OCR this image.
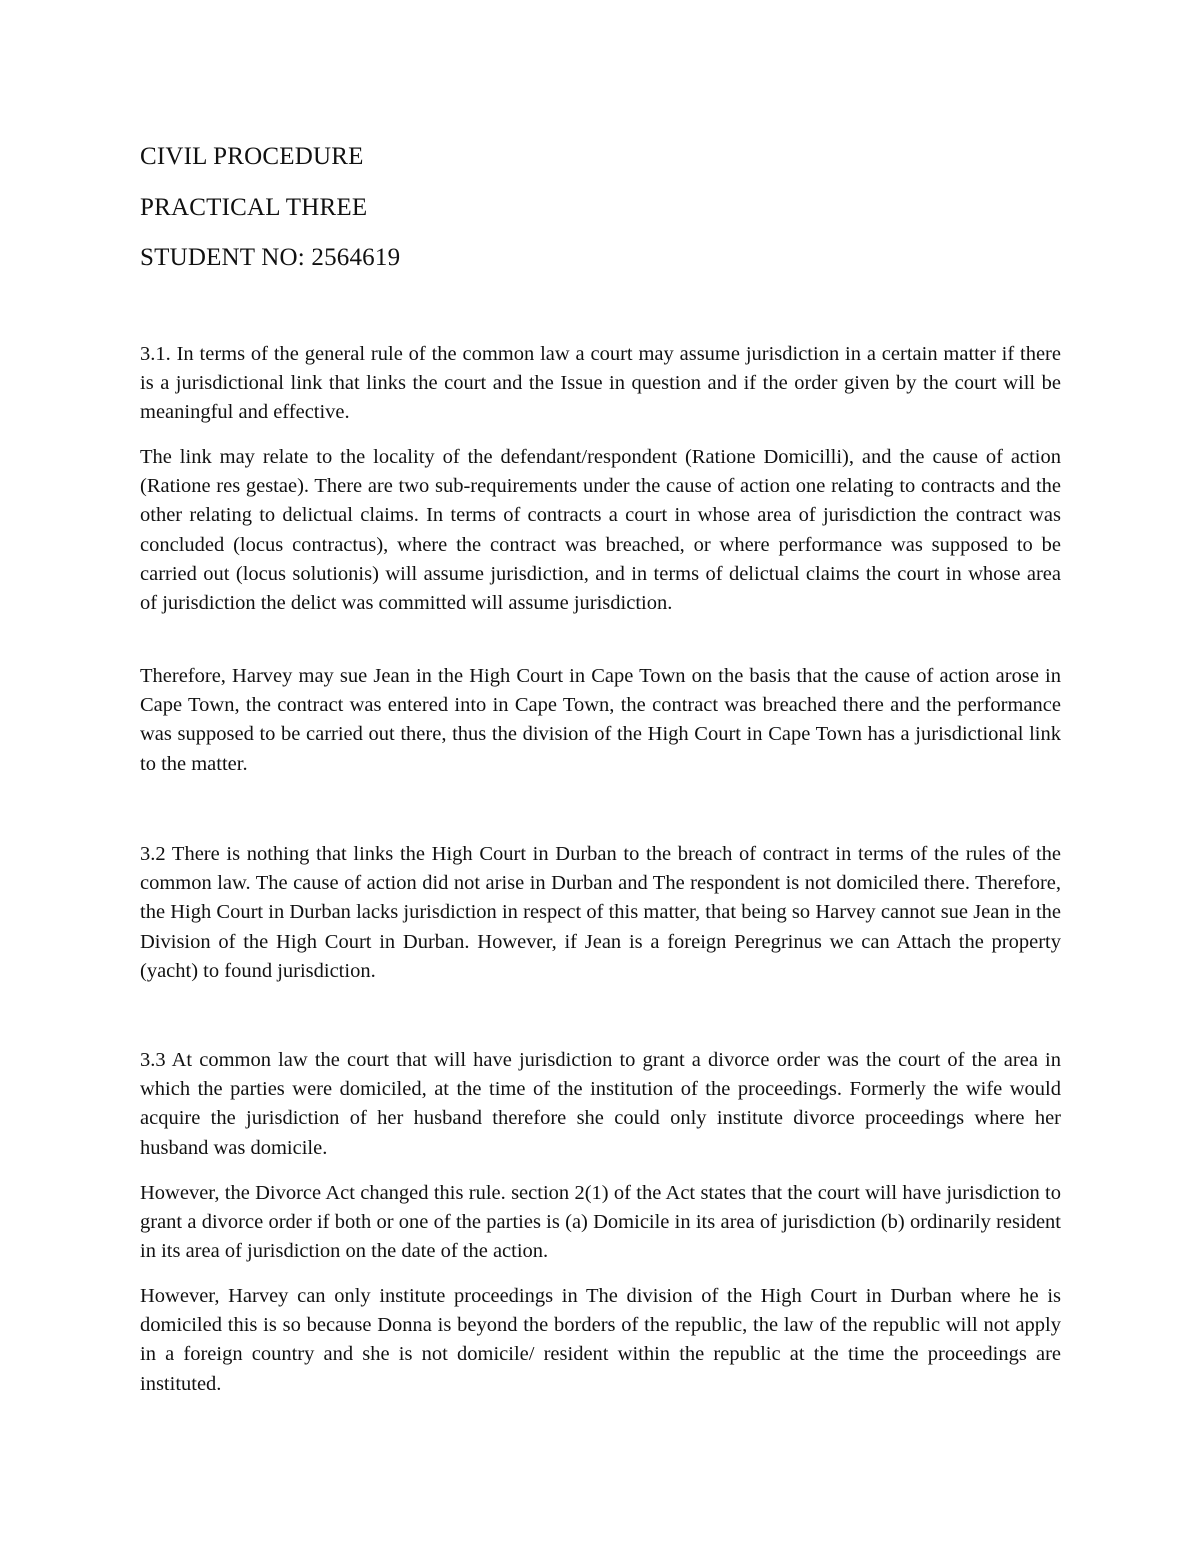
CIVIL PROCEDURE
PRACTICAL THREE
STUDENT NO: 2564619

3.1. In terms of the general rule of the common law a court may assume jurisdiction in a certain matter if there is a jurisdictional link that links the court and the Issue in question and if the order given by the court will be meaningful and effective.

The link may relate to the locality of the defendant/respondent (Ratione Domicilli), and the cause of action (Ratione res gestae). There are two sub-requirements under the cause of action one relating to contracts and the other relating to delictual claims. In terms of contracts a court in whose area of jurisdiction the contract was concluded (locus contractus), where the contract was breached, or where performance was supposed to be carried out (locus solutionis) will assume jurisdiction, and in terms of delictual claims the court in whose area of jurisdiction the delict was committed will assume jurisdiction.

Therefore, Harvey may sue Jean in the High Court in Cape Town on the basis that the cause of action arose in Cape Town, the contract was entered into in Cape Town, the contract was breached there and the performance was supposed to be carried out there, thus the division of the High Court in Cape Town has a jurisdictional link to the matter.

3.2 There is nothing that links the High Court in Durban to the breach of contract in terms of the rules of the common law. The cause of action did not arise in Durban and The respondent is not domiciled there. Therefore, the High Court in Durban lacks jurisdiction in respect of this matter, that being so Harvey cannot sue Jean in the Division of the High Court in Durban. However, if Jean is a foreign Peregrinus we can Attach the property (yacht) to found jurisdiction.

3.3 At common law the court that will have jurisdiction to grant a divorce order was the court of the area in which the parties were domiciled, at the time of the institution of the proceedings. Formerly the wife would acquire the jurisdiction of her husband therefore she could only institute divorce proceedings where her husband was domicile.

However, the Divorce Act changed this rule. section 2(1) of the Act states that the court will have jurisdiction to grant a divorce order if both or one of the parties is (a) Domicile in its area of jurisdiction (b) ordinarily resident in its area of jurisdiction on the date of the action.

However, Harvey can only institute proceedings in The division of the High Court in Durban where he is domiciled this is so because Donna is beyond the borders of the republic, the law of the republic will not apply in a foreign country and she is not domicile/ resident within the republic at the time the proceedings are instituted.
